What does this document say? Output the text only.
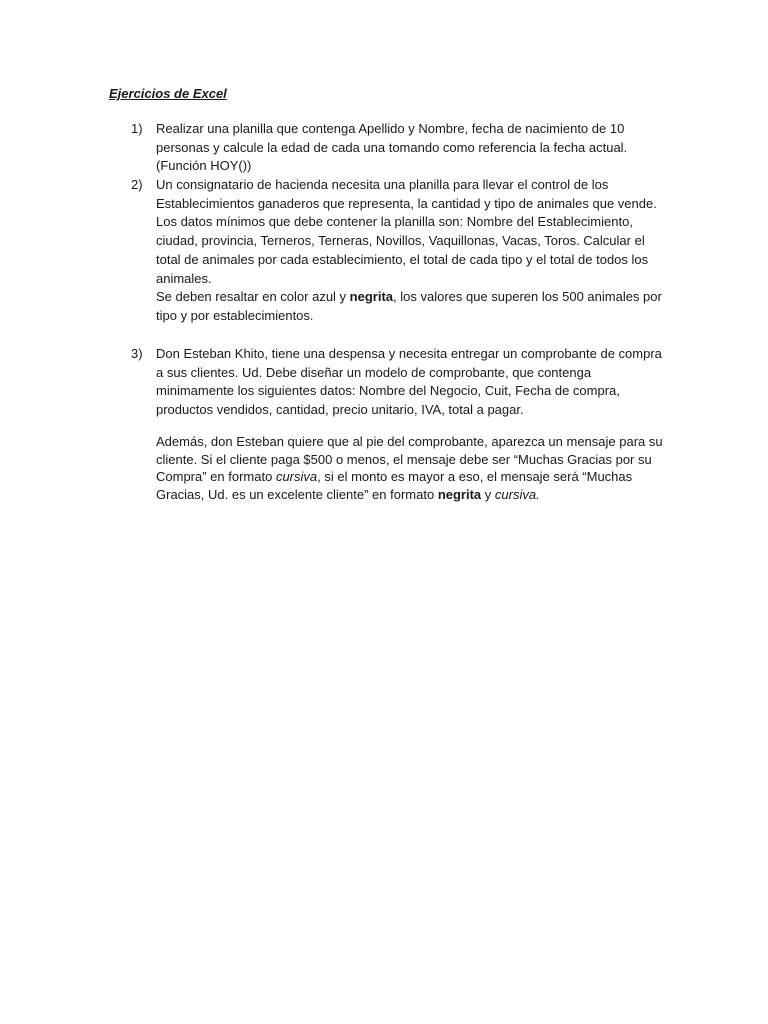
Ejercicios de Excel
1)	Realizar una planilla que contenga Apellido y Nombre, fecha de nacimiento de 10 personas y calcule la edad de cada una tomando como referencia la fecha actual. (Función HOY())

2)	Un consignatario de hacienda necesita una planilla para llevar el control de los Establecimientos ganaderos que representa, la cantidad y tipo de animales que vende. Los datos mínimos que debe contener la planilla son: Nombre del Establecimiento, ciudad, provincia, Terneros, Terneras, Novillos, Vaquillonas, Vacas, Toros. Calcular el total de animales por cada establecimiento, el total de cada tipo y el total de todos los animales.

Se deben resaltar en color azul y negrita, los valores que superen los 500 animales por tipo y por establecimientos.

3)	Don Esteban Khito, tiene una despensa y necesita entregar un comprobante de compra a sus clientes. Ud. Debe diseñar un modelo de comprobante, que contenga minimamente los siguientes datos: Nombre del Negocio, Cuit, Fecha de compra, productos vendidos, cantidad, precio unitario, IVA, total a pagar.

Además, don Esteban quiere que al pie del comprobante, aparezca un mensaje para su cliente. Si el cliente paga $500 o menos, el mensaje debe ser “Muchas Gracias por su Compra” en formato cursiva, si el monto es mayor a eso, el mensaje será “Muchas Gracias, Ud. es un excelente cliente” en formato negrita y cursiva.
